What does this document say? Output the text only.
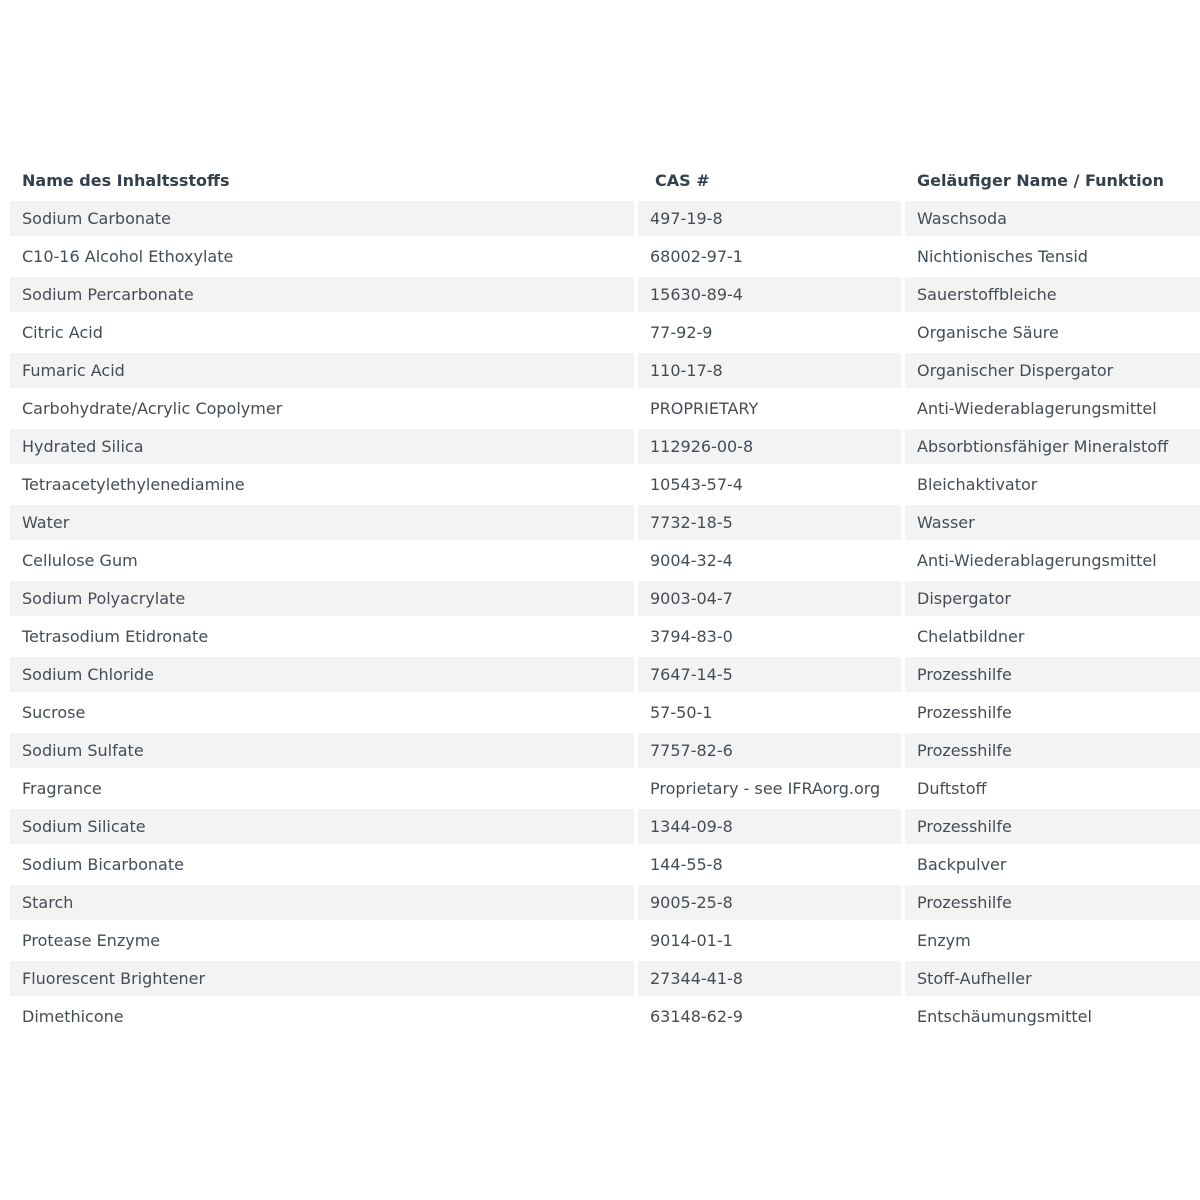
Name des Inhaltsstoffs	CAS #	Geläufiger Name / Funktion
Sodium Carbonate	497-19-8	Waschsoda
C10-16 Alcohol Ethoxylate	68002-97-1	Nichtionisches Tensid
Sodium Percarbonate	15630-89-4	Sauerstoffbleiche
Citric Acid	77-92-9	Organische Säure
Fumaric Acid	110-17-8	Organischer Dispergator
Carbohydrate/Acrylic Copolymer	PROPRIETARY	Anti-Wiederablagerungsmittel
Hydrated Silica	112926-00-8	Absorbtionsfähiger Mineralstoff
Tetraacetylethylenediamine	10543-57-4	Bleichaktivator
Water	7732-18-5	Wasser
Cellulose Gum	9004-32-4	Anti-Wiederablagerungsmittel
Sodium Polyacrylate	9003-04-7	Dispergator
Tetrasodium Etidronate	3794-83-0	Chelatbildner
Sodium Chloride	7647-14-5	Prozesshilfe
Sucrose	57-50-1	Prozesshilfe
Sodium Sulfate	7757-82-6	Prozesshilfe
Fragrance	Proprietary - see IFRAorg.org	Duftstoff
Sodium Silicate	1344-09-8	Prozesshilfe
Sodium Bicarbonate	144-55-8	Backpulver
Starch	9005-25-8	Prozesshilfe
Protease Enzyme	9014-01-1	Enzym
Fluorescent Brightener	27344-41-8	Stoff-Aufheller
Dimethicone	63148-62-9	Entschäumungsmittel
